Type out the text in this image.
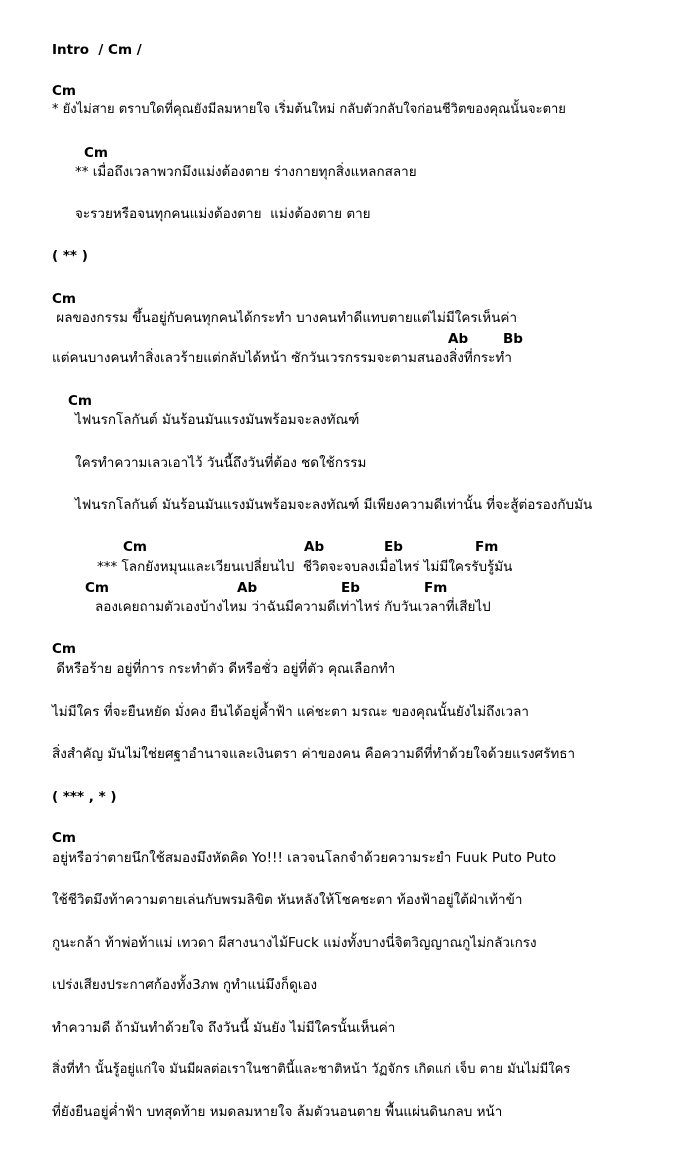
Intro  / Cm /
Cm
* ยังไม่สาย ตราบใดที่คุณยังมีลมหายใจ เริ่มต้นใหม่ กลับตัวกลับใจก่อนชีวิตของคุณนั้นจะตาย
Cm
** เมื่อถึงเวลาพวกมึงแม่งต้องตาย ร่างกายทุกสิ่งแหลกสลาย
จะรวยหรือจนทุกคนแม่งต้องตาย  แม่งต้องตาย ตาย
( ** )
Cm
ผลของกรรม ขึ้นอยู่กับคนทุกคนได้กระทำ บางคนทำดีแทบตายแต่ไม่มีใครเห็นค่า
Ab	Bb
แต่คนบางคนทำสิ่งเลวร้ายแต่กลับได้หน้า ซักวันเวรกรรมจะตามสนองสิ่งที่กระทำ
Cm
ไฟนรกโลกันต์ มันร้อนมันแรงมันพร้อมจะลงทัณฑ์
ใครทำความเลวเอาไว้ วันนี้ถึงวันที่ต้อง ชดใช้กรรม
ไฟนรกโลกันต์ มันร้อนมันแรงมันพร้อมจะลงทัณฑ์ มีเพียงความดีเท่านั้น ที่จะสู้ต่อรองกับมัน
Cm	Ab	Eb	Fm
*** โลกยังหมุนและเวียนเปลี่ยนไป  ชีวิตจะจบลงเมื่อไหร่ ไม่มีใครรับรู้มัน
Cm	Ab	Eb	Fm
ลองเคยถามตัวเองบ้างไหม ว่าฉันมีความดีเท่าไหร่ กับวันเวลาที่เสียไป
Cm
ดีหรือร้าย อยู่ที่การ กระทำตัว ดีหรือชั่ว อยู่ที่ตัว คุณเลือกทำ
ไม่มีใคร ที่จะยืนหยัด มั่งคง ยืนได้อยู่ค้ำฟ้า แค่ชะตา มรณะ ของคุณนั้นยังไม่ถึงเวลา
สิ่งสำคัญ มันไม่ใช่ยศฐาอำนาจและเงินตรา ค่าของคน คือความดีที่ทำด้วยใจด้วยแรงศรัทธา
( *** , * )
Cm
อยู่หรือว่าตายนึกใช้สมองมึงหัดคิด Yo!!! เลวจนโลกจำด้วยความระยำ Fuuk Puto Puto
ใช้ชีวิตมึงท้าความตายเล่นกับพรมลิขิต หันหลังให้โชคชะตา ท้องฟ้าอยู่ใต้ฝ่าเท้าข้า
กูนะกล้า ท้าพ่อท้าแม่ เทวดา ผีสางนางไม้Fuck แม่งทั้งบางนี่จิตวิญญาณกูไม่กลัวเกรง
เปร่งเสียงประกาศก้องทั้ง3ภพ กูทำแน่มึงก็ดูเอง
ทำความดี ถ้ามันทำด้วยใจ ถึงวันนี้ มันยัง ไม่มีใครนั้นเห็นค่า
สิ่งที่ทำ นั้นรู้อยู่แก่ใจ มันมีผลต่อเราในชาตินี้และชาติหน้า วัฏจักร เกิดแก่ เจ็บ ตาย มันไม่มีใคร
ที่ยังยืนอยู่ค่ำฟ้า บทสุดท้าย หมดลมหายใจ ล้มตัวนอนตาย พื้นแผ่นดินกลบ หน้า
